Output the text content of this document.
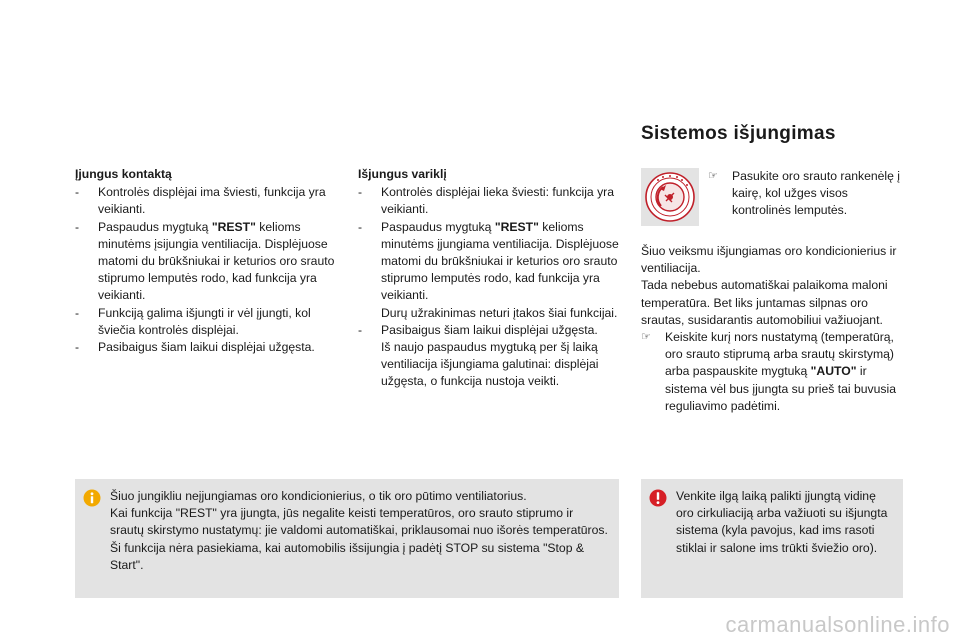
Įjungus kontaktą
- Kontrolės displėjai ima šviesti, funkcija yra veikianti.
- Paspaudus mygtuką "REST" kelioms minutėms įsijungia ventiliacija. Displėjuose matomi du brūkšniukai ir keturios oro srauto stiprumo lemputės rodo, kad funkcija yra veikianti.
- Funkciją galima išjungti ir vėl įjungti, kol šviečia kontrolės displėjai.
- Pasibaigus šiam laikui displėjai užgęsta.
Išjungus variklį
- Kontrolės displėjai lieka šviesti: funkcija yra veikianti.
- Paspaudus mygtuką "REST" kelioms minutėms įjungiama ventiliacija. Displėjuose matomi du brūkšniukai ir keturios oro srauto stiprumo lemputės rodo, kad funkcija yra veikianti.
Durų užrakinimas neturi įtakos šiai funkcijai.
- Pasibaigus šiam laikui displėjai užgęsta.
Iš naujo paspaudus mygtuką per šį laiką ventiliacija išjungiama galutinai: displėjai užgęsta, o funkcija nustoja veikti.
Sistemos išjungimas
☞	Pasukite oro srauto rankenėlę į kairę, kol užges visos kontrolinės lemputės.

Šiuo veiksmu išjungiamas oro kondicionierius ir ventiliacija.

Tada nebebus automatiškai palaikoma maloni temperatūra. Bet liks juntamas silpnas oro srautas, susidarantis automobiliui važiuojant.

☞ Keiskite kurį nors nustatymą (temperatūrą, oro srauto stiprumą arba srautų skirstymą) arba paspauskite mygtuką "AUTO" ir sistema vėl bus įjungta su prieš tai buvusia reguliavimo padėtimi.

Šiuo jungikliu neįjungiamas oro kondicionierius, o tik oro pūtimo ventiliatorius.

Kai funkcija "REST" yra įjungta, jūs negalite keisti temperatūros, oro srauto stiprumo ir srautų skirstymo nustatymų: jie valdomi automatiškai, priklausomai nuo išorės temperatūros.

Ši funkcija nėra pasiekiama, kai automobilis išsijungia į padėtį STOP su sistema "Stop & Start".

Venkite ilgą laiką palikti įjungtą vidinę oro cirkuliaciją arba važiuoti su išjungta sistema (kyla pavojus, kad ims rasoti stiklai ir salone ims trūkti šviežio oro).
carmanualsonline.info
